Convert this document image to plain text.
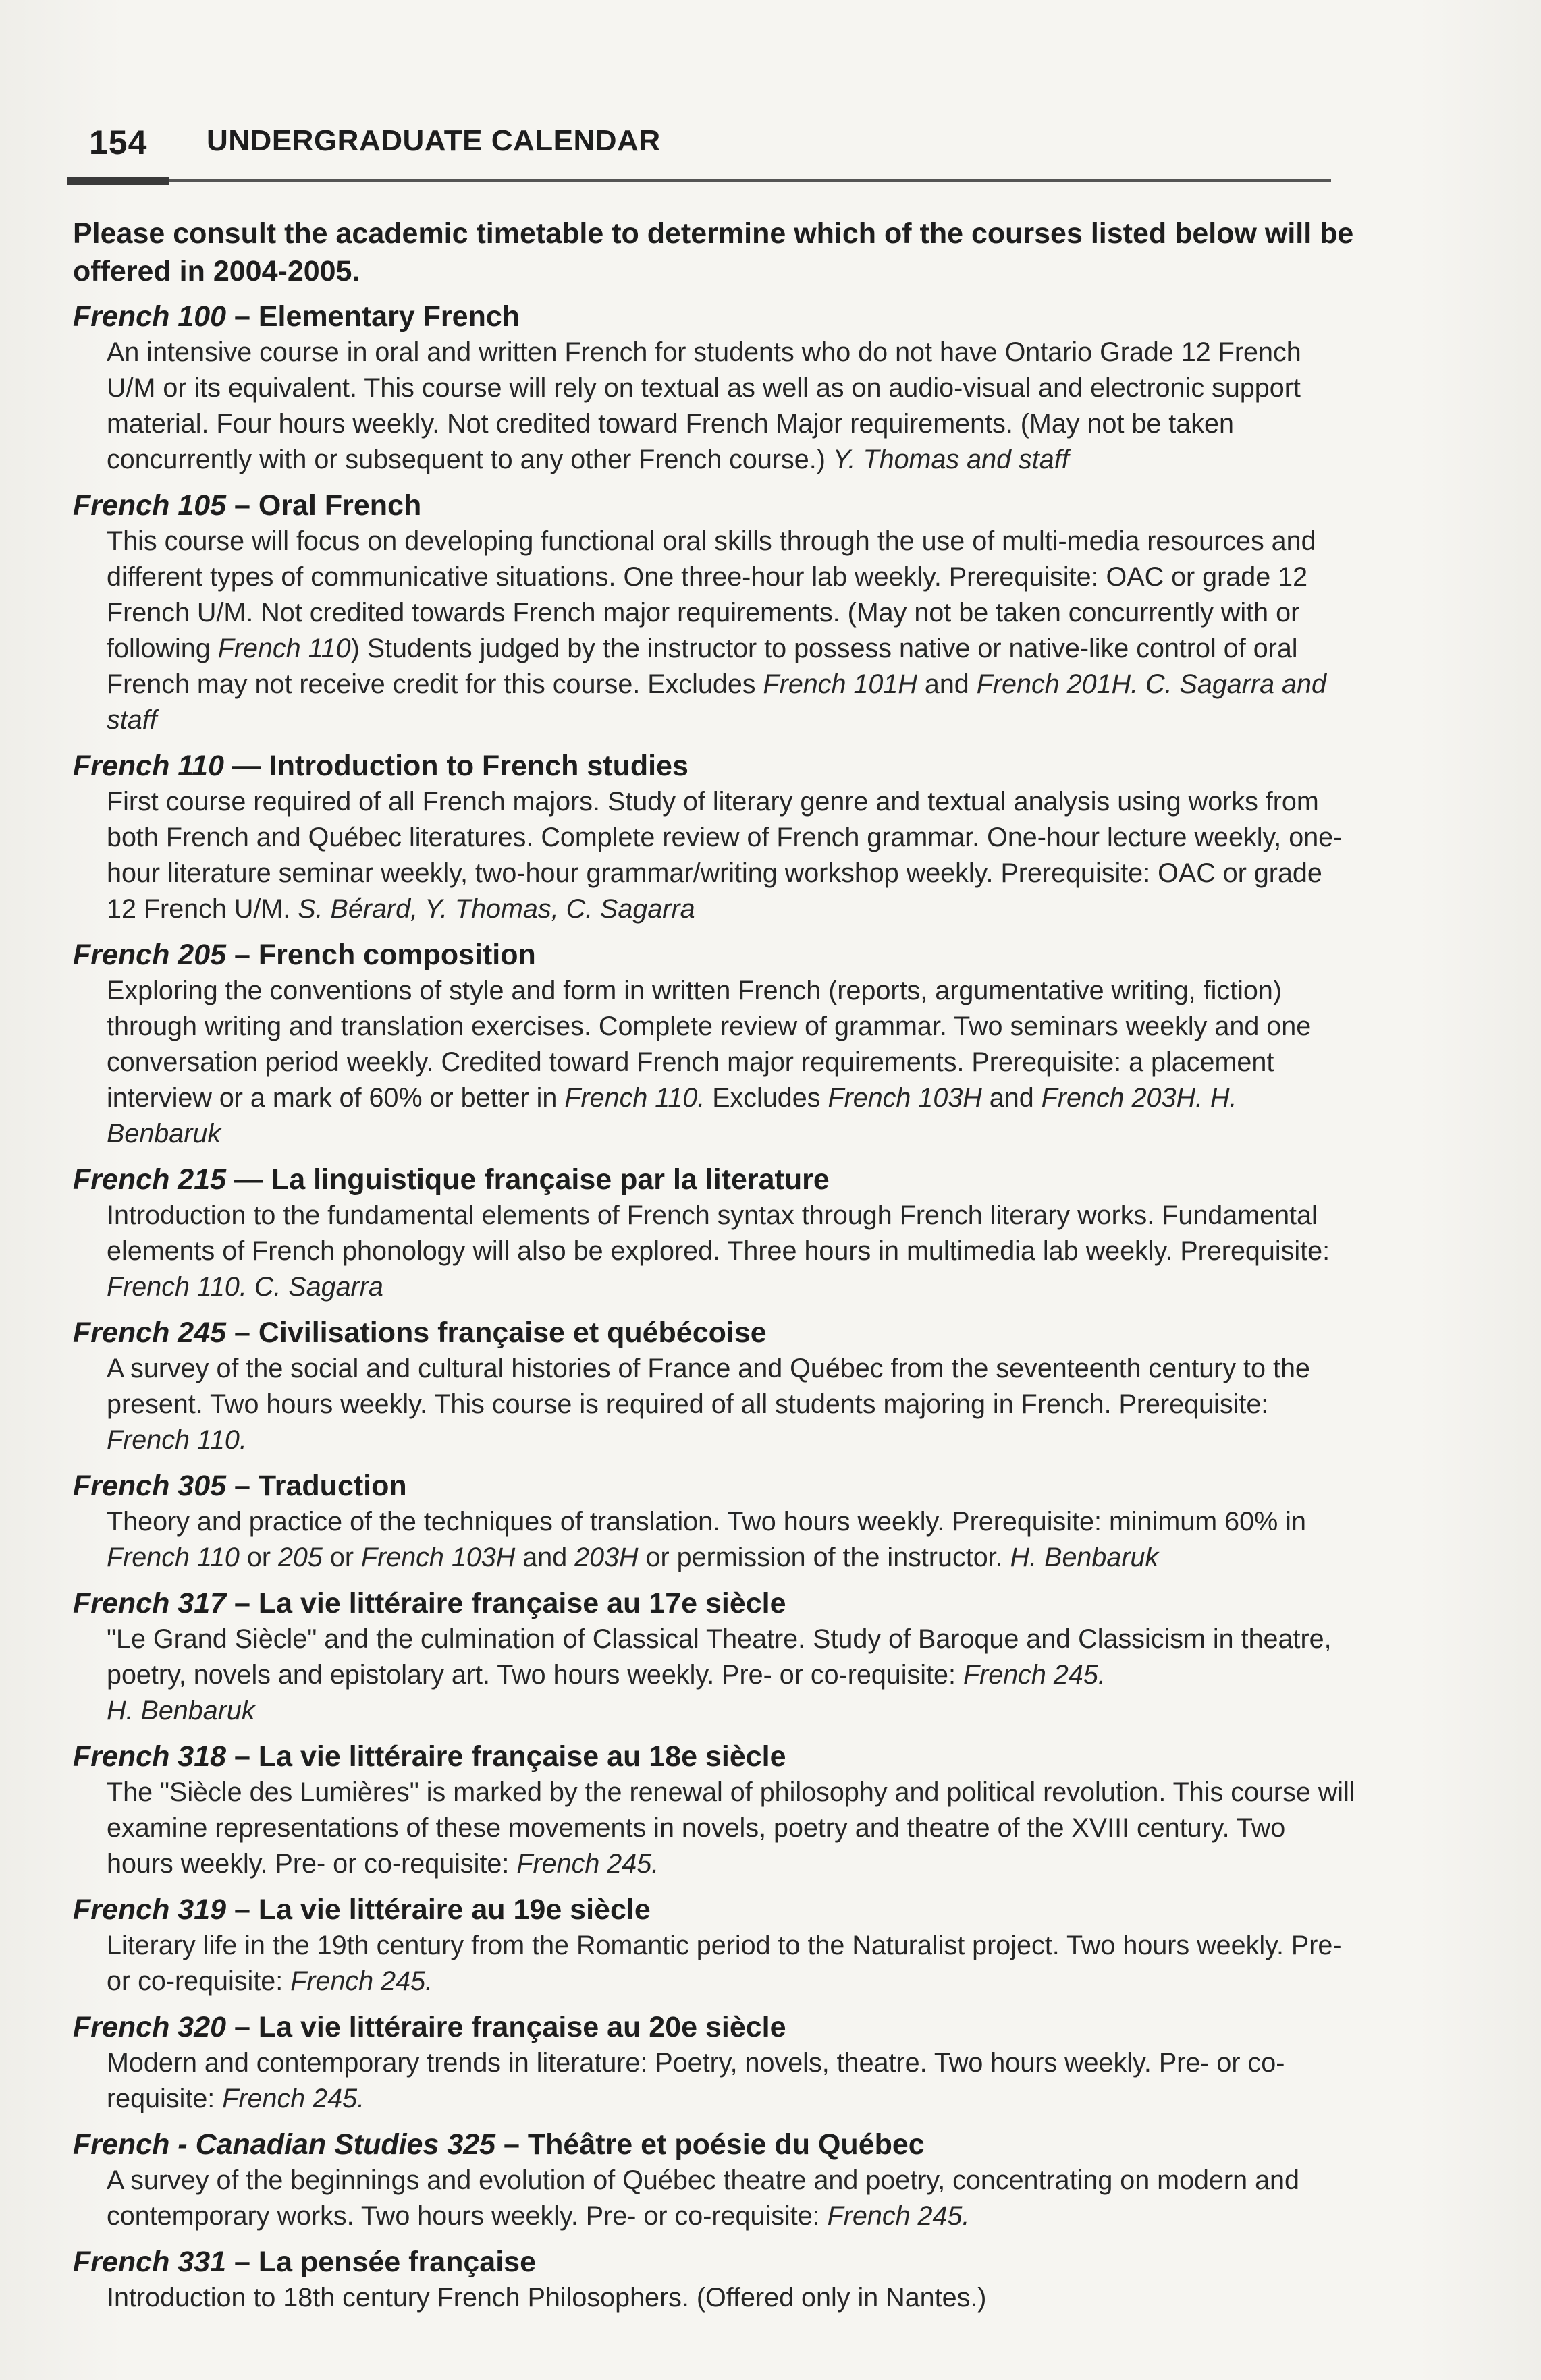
154 UNDERGRADUATE CALENDAR
Please consult the academic timetable to determine which of the courses listed below will be offered in 2004-2005.
French 100 – Elementary French
An intensive course in oral and written French for students who do not have Ontario Grade 12 French U/M or its equivalent. This course will rely on textual as well as on audio-visual and electronic support material. Four hours weekly. Not credited toward French Major requirements. (May not be taken concurrently with or subsequent to any other French course.) Y. Thomas and staff
French 105 – Oral French
This course will focus on developing functional oral skills through the use of multi-media resources and different types of communicative situations. One three-hour lab weekly. Prerequisite: OAC or grade 12 French U/M. Not credited towards French major requirements. (May not be taken concurrently with or following French 110) Students judged by the instructor to possess native or native-like control of oral French may not receive credit for this course. Excludes French 101H and French 201H. C. Sagarra and staff
French 110 — Introduction to French studies
First course required of all French majors. Study of literary genre and textual analysis using works from both French and Québec literatures. Complete review of French grammar. One-hour lecture weekly, one-hour literature seminar weekly, two-hour grammar/writing workshop weekly. Prerequisite: OAC or grade 12 French U/M. S. Bérard, Y. Thomas, C. Sagarra
French 205 – French composition
Exploring the conventions of style and form in written French (reports, argumentative writing, fiction) through writing and translation exercises. Complete review of grammar. Two seminars weekly and one conversation period weekly. Credited toward French major requirements. Prerequisite: a placement interview or a mark of 60% or better in French 110. Excludes French 103H and French 203H. H. Benbaruk
French 215 — La linguistique française par la literature
Introduction to the fundamental elements of French syntax through French literary works. Fundamental elements of French phonology will also be explored. Three hours in multimedia lab weekly. Prerequisite: French 110. C. Sagarra
French 245 – Civilisations française et québécoise
A survey of the social and cultural histories of France and Québec from the seventeenth century to the present. Two hours weekly. This course is required of all students majoring in French. Prerequisite: French 110.
French 305 – Traduction
Theory and practice of the techniques of translation. Two hours weekly. Prerequisite: minimum 60% in French 110 or 205 or French 103H and 203H or permission of the instructor. H. Benbaruk
French 317 – La vie littéraire française au 17e siècle
"Le Grand Siècle" and the culmination of Classical Theatre. Study of Baroque and Classicism in theatre, poetry, novels and epistolary art. Two hours weekly. Pre- or co-requisite: French 245.
H. Benbaruk
French 318 – La vie littéraire française au 18e siècle
The "Siècle des Lumières" is marked by the renewal of philosophy and political revolution. This course will examine representations of these movements in novels, poetry and theatre of the XVIII century. Two hours weekly. Pre- or co-requisite: French 245.
French 319 – La vie littéraire au 19e siècle
Literary life in the 19th century from the Romantic period to the Naturalist project. Two hours weekly. Pre- or co-requisite: French 245.
French 320 – La vie littéraire française au 20e siècle
Modern and contemporary trends in literature: Poetry, novels, theatre. Two hours weekly. Pre- or co-requisite: French 245.
French - Canadian Studies 325 – Théâtre et poésie du Québec
A survey of the beginnings and evolution of Québec theatre and poetry, concentrating on modern and contemporary works. Two hours weekly. Pre- or co-requisite: French 245.
French 331 – La pensée française
Introduction to 18th century French Philosophers. (Offered only in Nantes.)
